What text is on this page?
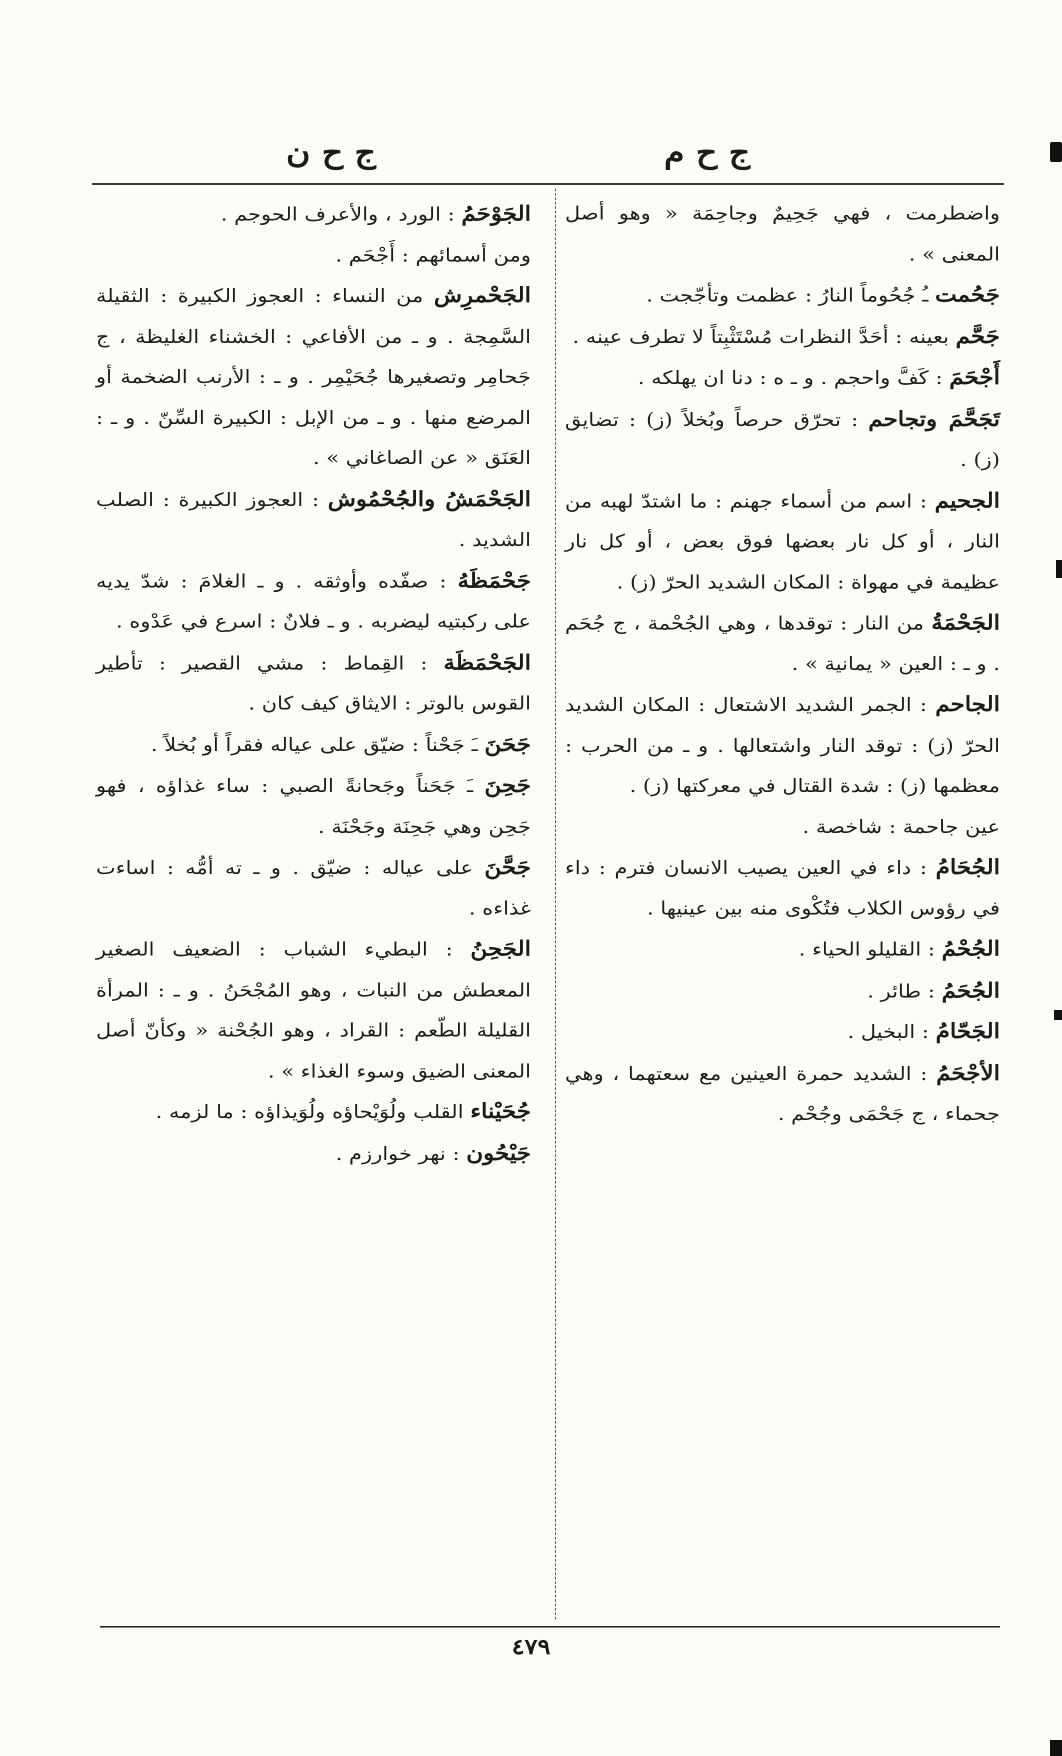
ج ح م
ج ح ن

واضطرمت ، فهي جَحِيمٌ وجاحِمَة « وهو أصل المعنى » .

جَحُمت ـُ جُحُوماً النارُ : عظمت وتأجّجت .

جَحَّم بعينه : أحَدَّ النظرات مُسْتَثْبِتاً لا تطرف عينه .

أَجْحَمَ : كَفَّ واحجم . و ـ ه : دنا ان يهلكه .

تَجَحَّمَ وتجاحم : تحرّق حرصاً وبُخلاً (ز) : تضايق (ز) .

الجحيم : اسم من أسماء جهنم : ما اشتدّ لهبه من النار ، أو كل نار بعضها فوق بعض ، أو كل نار عظيمة في مهواة : المكان الشديد الحرّ (ز) .

الجَحْمَةُ من النار : توقدها ، وهي الجُحْمة ، ج جُحَم . و ـ : العين « يمانية » .

الجاحم : الجمر الشديد الاشتعال : المكان الشديد الحرّ (ز) : توقد النار واشتعالها . و ـ من الحرب : معظمها (ز) : شدة القتال في معركتها (ز) .

عين جاحمة : شاخصة .

الجُحَامُ : داء في العين يصيب الانسان فترم : داء في رؤوس الكلاب فتُكْوى منه بين عينيها .

الجُحْمُ : القليلو الحياء .

الجُحَمُ : طائر .

الجَحّامُ : البخيل .

الأجْحَمُ : الشديد حمرة العينين مع سعتهما ، وهي جحماء ، ج جَحْمَى وجُحْم .

الجَوْحَمُ : الورد ، والأعرف الحوجم .

ومن أسمائهم : أَجْحَم .

الجَحْمرِش من النساء : العجوز الكبيرة : الثقيلة السَّمِجة . و ـ من الأفاعي : الخشناء الغليظة ، ج جَحامِر وتصغيرها جُحَيْمِر . و ـ : الأرنب الضخمة أو المرضع منها . و ـ من الإبل : الكبيرة السِّنّ . و ـ : العَنَق « عن الصاغاني » .

الجَحْمَشُ والجُحْمُوش : العجوز الكبيرة : الصلب الشديد .

جَحْمَظَهُ : صفّده وأوثقه . و ـ الغلامَ : شدّ يديه على ركبتيه ليضربه . و ـ فلانٌ : اسرع في عَدْوه .

الجَحْمَظَة : القِماط : مشي القصير : تأطير القوس بالوتر : الايثاق كيف كان .

جَحَنَ ـَ جَحْناً : ضيّق على عياله فقراً أو بُخلاً .

جَحِنَ ـَ جَحَناً وجَحانةً الصبي : ساء غذاؤه ، فهو جَحِن وهي جَحِنَة وجَحْنَة .

جَحَّنَ على عياله : ضيّق . و ـ ته أمُّه : اساءت غذاءه .

الجَحِنُ : البطيء الشباب : الضعيف الصغير المعطش من النبات ، وهو المُجْحَنُ . و ـ : المرأة القليلة الطّعم : القراد ، وهو الجُحْنة « وكأنّ أصل المعنى الضيق وسوء الغذاء » .

جُحَيْناء القلب ولُوَيْحاؤه ولُوَيذاؤه : ما لزمه .

جَيْحُون : نهر خوارزم .

٤٧٩
